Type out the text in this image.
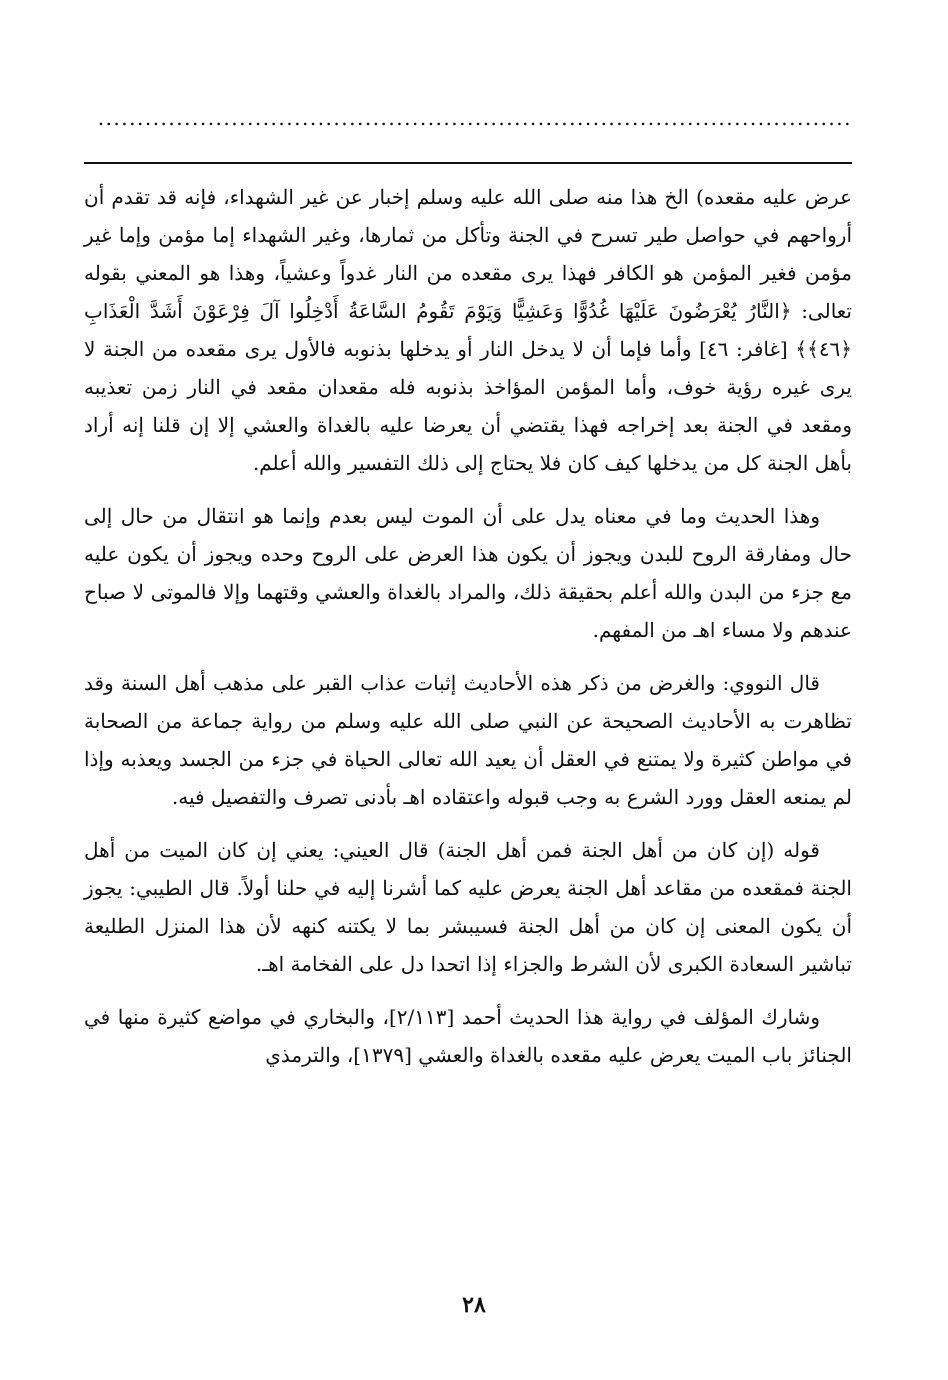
................................................................................................

عرض عليه مقعده) الخ هذا منه صلى الله عليه وسلم إخبار عن غير الشهداء، فإنه قد تقدم أن أرواحهم في حواصل طير تسرح في الجنة وتأكل من ثمارها، وغير الشهداء إما مؤمن وإما غير مؤمن فغير المؤمن هو الكافر فهذا يرى مقعده من النار غدواً وعشياً، وهذا هو المعني بقوله تعالى: ﴿النَّارُ يُعْرَضُونَ عَلَيْهَا غُدُوًّا وَعَشِيًّا وَيَوْمَ تَقُومُ السَّاعَةُ أَدْخِلُوا آلَ فِرْعَوْنَ أَشَدَّ الْعَذَابِ ﴿٤٦﴾﴾ [غافر: ٤٦] وأما فإما أن لا يدخل النار أو يدخلها بذنوبه فالأول يرى مقعده من الجنة لا يرى غيره رؤية خوف، وأما المؤمن المؤاخذ بذنوبه فله مقعدان مقعد في النار زمن تعذيبه ومقعد في الجنة بعد إخراجه فهذا يقتضي أن يعرضا عليه بالغداة والعشي إلا إن قلنا إنه أراد بأهل الجنة كل من يدخلها كيف كان فلا يحتاج إلى ذلك التفسير والله أعلم.

وهذا الحديث وما في معناه يدل على أن الموت ليس بعدم وإنما هو انتقال من حال إلى حال ومفارقة الروح للبدن ويجوز أن يكون هذا العرض على الروح وحده ويجوز أن يكون عليه مع جزء من البدن والله أعلم بحقيقة ذلك، والمراد بالغداة والعشي وقتهما وإلا فالموتى لا صباح عندهم ولا مساء اهـ من المفهم.

قال النووي: والغرض من ذكر هذه الأحاديث إثبات عذاب القبر على مذهب أهل السنة وقد تظاهرت به الأحاديث الصحيحة عن النبي صلى الله عليه وسلم من رواية جماعة من الصحابة في مواطن كثيرة ولا يمتنع في العقل أن يعيد الله تعالى الحياة في جزء من الجسد ويعذبه وإذا لم يمنعه العقل وورد الشرع به وجب قبوله واعتقاده اهـ بأدنى تصرف والتفصيل فيه.

قوله (إن كان من أهل الجنة فمن أهل الجنة) قال العيني: يعني إن كان الميت من أهل الجنة فمقعده من مقاعد أهل الجنة يعرض عليه كما أشرنا إليه في حلنا أولاً. قال الطيبي: يجوز أن يكون المعنى إن كان من أهل الجنة فسيبشر بما لا يكتنه كنهه لأن هذا المنزل الطليعة تباشير السعادة الكبرى لأن الشرط والجزاء إذا اتحدا دل على الفخامة اهـ.

وشارك المؤلف في رواية هذا الحديث أحمد [٢/١١٣]، والبخاري في مواضع كثيرة منها في الجنائز باب الميت يعرض عليه مقعده بالغداة والعشي [١٣٧٩]، والترمذي

٢٨
